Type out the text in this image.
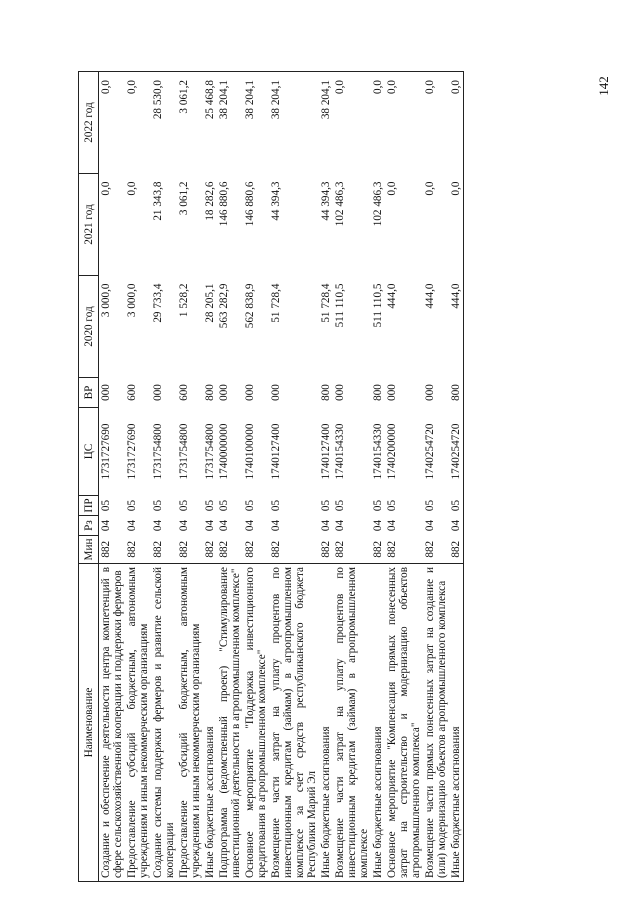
142
Наименование	Мин	Рз	ПР	ЦС	ВР	2020 год	2021 год	2022 год
Создание и обеспечение деятельности центра компетенций в сфере сельскохозяйственной кооперации и поддержки фермеров	882	04	05	1731727690	000	3 000,0	0,0	0,0
Предоставление субсидий бюджетным, автономным учреждениям и иным некоммерческим организациям	882	04	05	1731727690	600	3 000,0	0,0	0,0
Создание системы поддержки фермеров и развитие сельской кооперации	882	04	05	1731754800	000	29 733,4	21 343,8	28 530,0
Предоставление субсидий бюджетным, автономным учреждениям и иным некоммерческим организациям	882	04	05	1731754800	600	1 528,2	3 061,2	3 061,2
Иные бюджетные ассигнования	882	04	05	1731754800	800	28 205,1	18 282,6	25 468,8
Подпрограмма (ведомственный проект) "Стимулирование инвестиционной деятельности в агропромышленном комплексе"	882	04	05	1740000000	000	563 282,9	146 880,6	38 204,1
Основное мероприятие "Поддержка инвестиционного кредитования в агропромышленном комплексе"	882	04	05	1740100000	000	562 838,9	146 880,6	38 204,1
Возмещение части затрат на уплату процентов по инвестиционным кредитам (займам) в агропромышленном комплексе за счет средств республиканского бюджета Республики Марий Эл	882	04	05	1740127400	000	51 728,4	44 394,3	38 204,1
Иные бюджетные ассигнования	882	04	05	1740127400	800	51 728,4	44 394,3	38 204,1
Возмещение части затрат на уплату процентов по инвестиционным кредитам (займам) в агропромышленном комплексе	882	04	05	1740154330	000	511 110,5	102 486,3	0,0
Иные бюджетные ассигнования	882	04	05	1740154330	800	511 110,5	102 486,3	0,0
Основное мероприятие "Компенсация прямых понесенных затрат на строительство и модернизацию объектов агропромышленного комплекса"	882	04	05	1740200000	000	444,0	0,0	0,0
Возмещение части прямых понесенных затрат на создание и (или) модернизацию объектов агропромышленного комплекса	882	04	05	1740254720	000	444,0	0,0	0,0
Иные бюджетные ассигнования	882	04	05	1740254720	800	444,0	0,0	0,0
